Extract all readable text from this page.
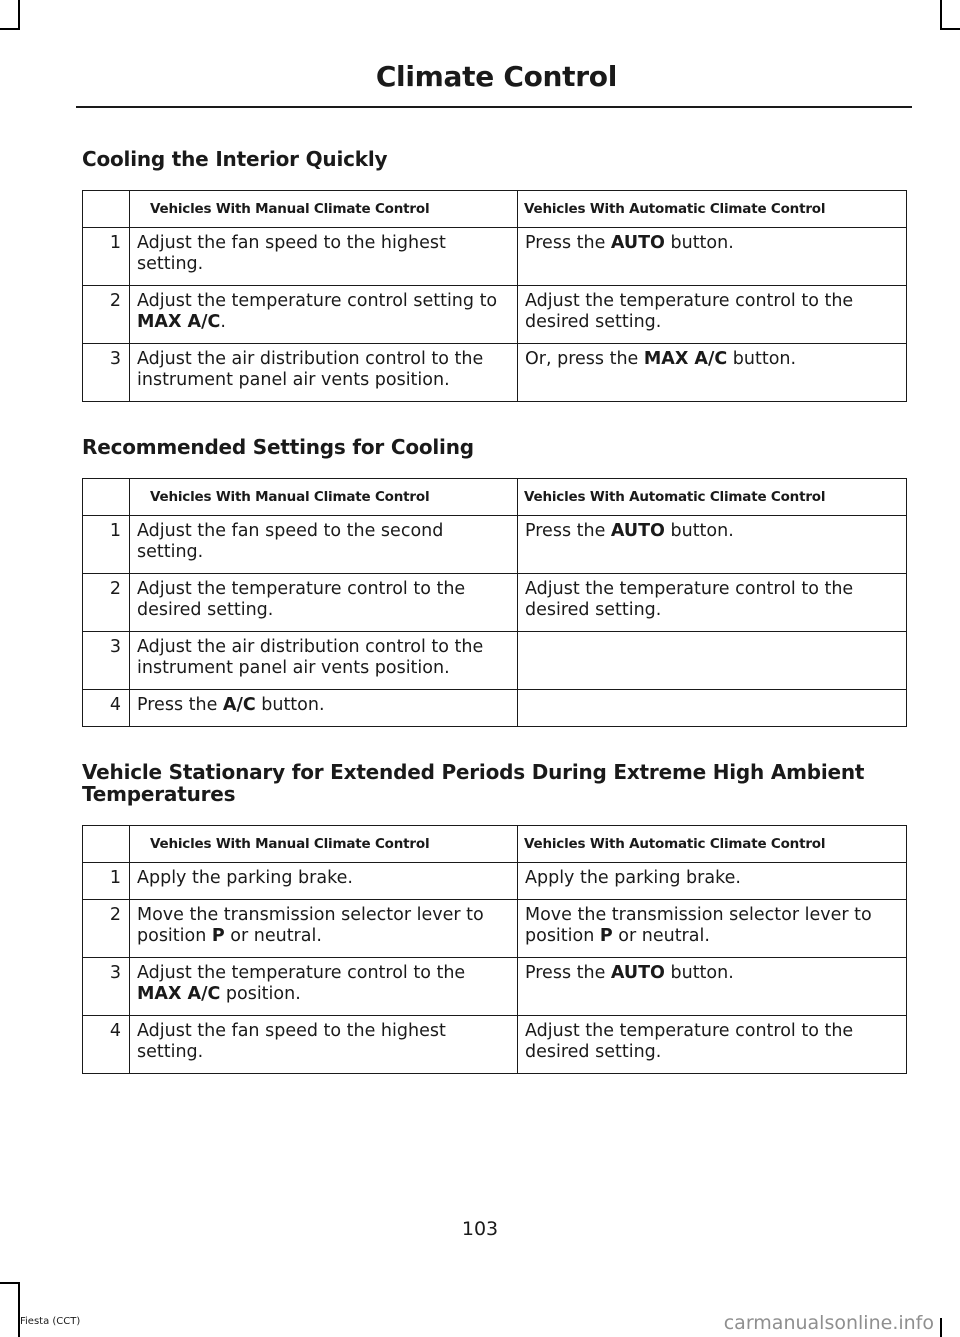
Climate Control
Cooling the Interior Quickly
	Vehicles With Manual Climate Control	Vehicles With Automatic Climate Control
1	Adjust the fan speed to the highest setting.	Press the AUTO button.
2	Adjust the temperature control setting to MAX A/C.	Adjust the temperature control to the desired setting.
3	Adjust the air distribution control to the instrument panel air vents position.	Or, press the MAX A/C button.
Recommended Settings for Cooling
	Vehicles With Manual Climate Control	Vehicles With Automatic Climate Control
1	Adjust the fan speed to the second setting.	Press the AUTO button.
2	Adjust the temperature control to the desired setting.	Adjust the temperature control to the desired setting.
3	Adjust the air distribution control to the instrument panel air vents position.	
4	Press the A/C button.	
Vehicle Stationary for Extended Periods During Extreme High Ambient Temperatures
	Vehicles With Manual Climate Control	Vehicles With Automatic Climate Control
1	Apply the parking brake.	Apply the parking brake.
2	Move the transmission selector lever to position P or neutral.	Move the transmission selector lever to position P or neutral.
3	Adjust the temperature control to the MAX A/C position.	Press the AUTO button.
4	Adjust the fan speed to the highest setting.	Adjust the temperature control to the desired setting.
103
Fiesta (CCT)	carmanualsonline.info
